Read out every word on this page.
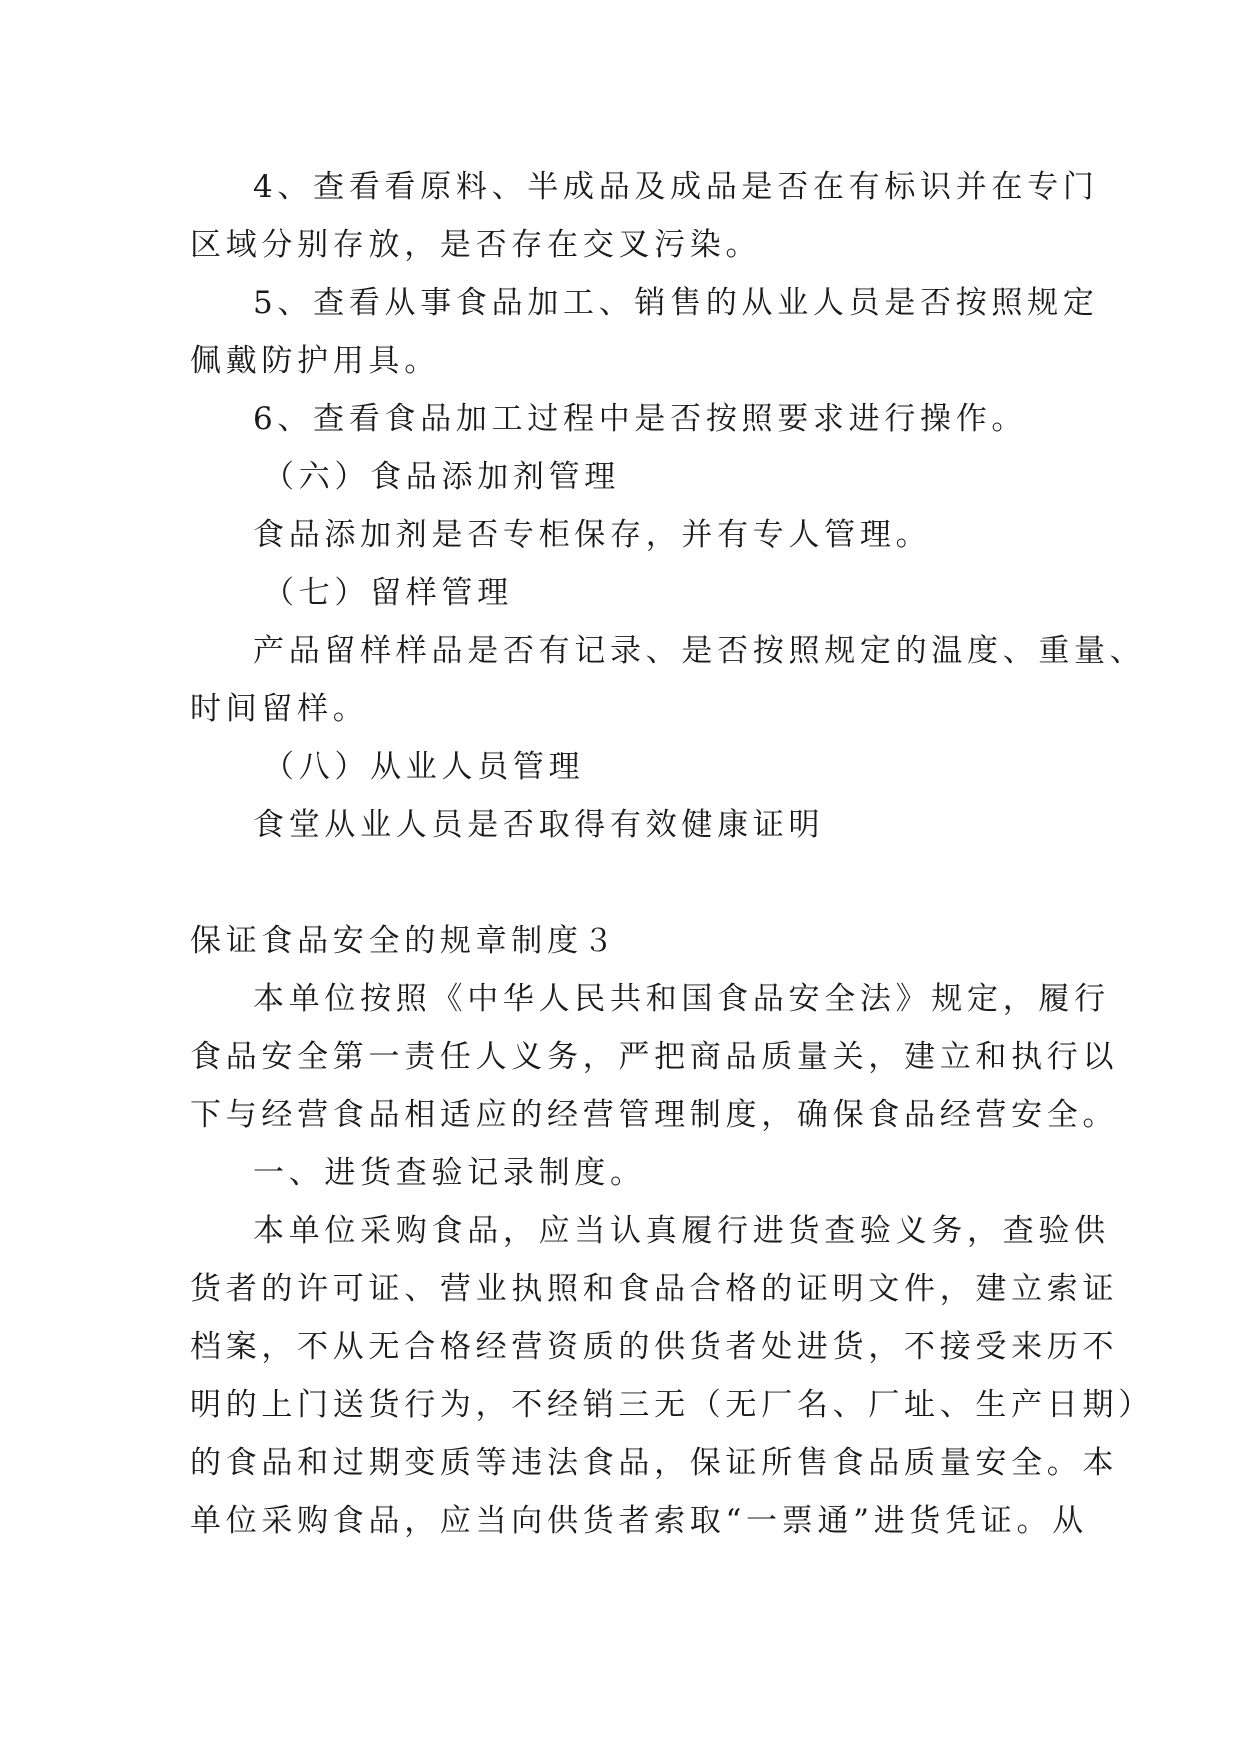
4、查看看原料、半成品及成品是否在有标识并在专门
区域分别存放，是否存在交叉污染。
5、查看从事食品加工、销售的从业人员是否按照规定
佩戴防护用具。
6、查看食品加工过程中是否按照要求进行操作。
（六）食品添加剂管理
食品添加剂是否专柜保存，并有专人管理。
（七）留样管理
产品留样样品是否有记录、是否按照规定的温度、重量、
时间留样。
（八）从业人员管理
食堂从业人员是否取得有效健康证明
保证食品安全的规章制度３
本单位按照《中华人民共和国食品安全法》规定，履行
食品安全第一责任人义务，严把商品质量关，建立和执行以
下与经营食品相适应的经营管理制度，确保食品经营安全。
一、进货查验记录制度。
本单位采购食品，应当认真履行进货查验义务，查验供
货者的许可证、营业执照和食品合格的证明文件，建立索证
档案，不从无合格经营资质的供货者处进货，不接受来历不
明的上门送货行为，不经销三无（无厂名、厂址、生产日期）
的食品和过期变质等违法食品，保证所售食品质量安全。本
单位采购食品，应当向供货者索取“一票通”进货凭证。从
